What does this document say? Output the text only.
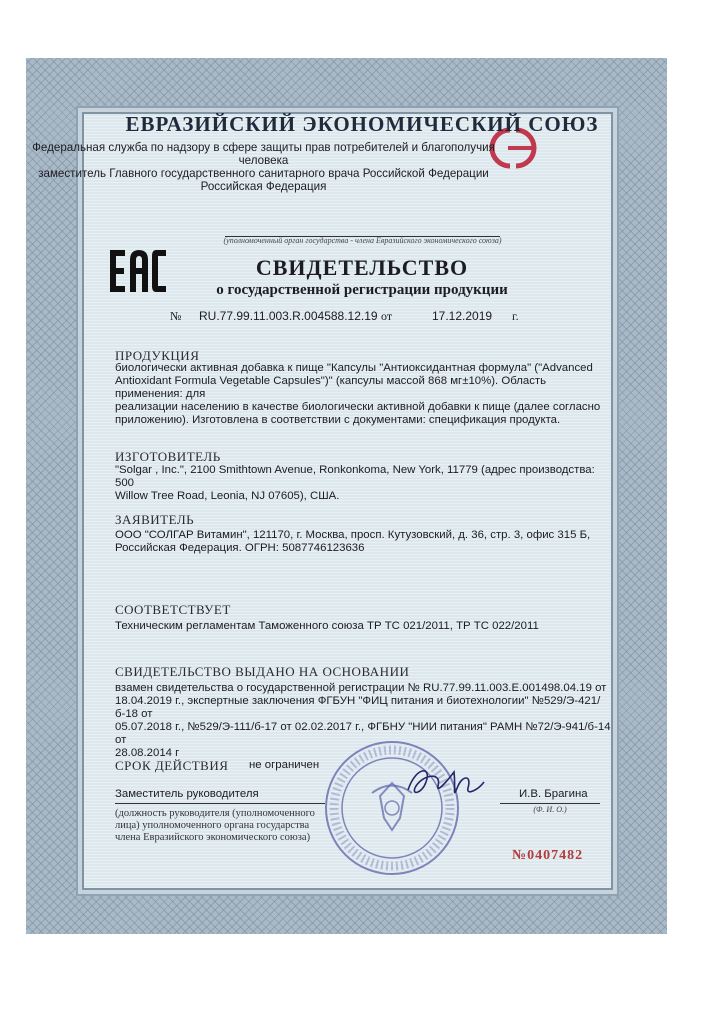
ЕВРАЗИЙСКИЙ ЭКОНОМИЧЕСКИЙ СОЮЗ
Федеральная служба по надзору в сфере защиты прав потребителей и благополучия человека
заместитель Главного государственного санитарного врача Российской Федерации
Российская Федерация
(уполномоченный орган государства - члена Евразийского экономического союза)
СВИДЕТЕЛЬСТВО
о государственной регистрации продукции
№	RU.77.99.11.003.R.004588.12.19 от	17.12.2019 г.
ПРОДУКЦИЯ
биологически активная добавка к пище "Капсулы "Антиоксидантная формула" ("Advanced
Antioxidant Formula Vegetable Capsules")" (капсулы массой 868 мг±10%). Область применения: для
реализации населению в качестве биологически активной добавки к пище (далее согласно
приложению). Изготовлена в соответствии с документами: спецификация продукта.
ИЗГОТОВИТЕЛЬ
"Solgar , Inc.", 2100 Smithtown Avenue, Ronkonkoma, New York, 11779 (адрес производства: 500
Willow Tree Road, Leonia, NJ 07605), США.
ЗАЯВИТЕЛЬ
ООО "СОЛГАР Витамин", 121170, г. Москва, просп. Кутузовский, д. 36, стр. 3, офис 315 Б,
Российская Федерация. ОГРН: 5087746123636
СООТВЕТСТВУЕТ
Техническим регламентам Таможенного союза ТР ТС 021/2011, ТР ТС 022/2011
СВИДЕТЕЛЬСТВО ВЫДАНО НА ОСНОВАНИИ
взамен свидетельства о государственной регистрации № RU.77.99.11.003.Е.001498.04.19 от
18.04.2019 г., экспертные заключения ФГБУН "ФИЦ питания и биотехнологии" №529/Э-421/б-18 от
05.07.2018 г., №529/Э-111/б-17 от 02.02.2017 г., ФГБНУ "НИИ питания" РАМН №72/Э-941/б-14 от
28.08.2014 г
СРОК ДЕЙСТВИЯ не ограничен
Заместитель руководителя	И.В. Брагина
(Ф. И. О.)
(должность руководителя (уполномоченного
лица) уполномоченного органа государства
члена Евразийского экономического союза)
№0407482
